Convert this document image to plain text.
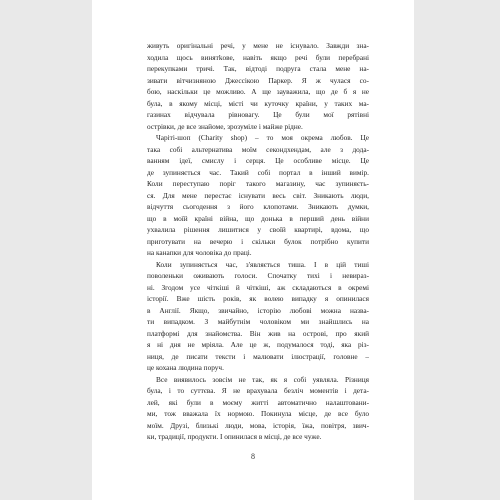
живуть оригінальні речі, у мене не існувало. Завжди зна-
ходила щось винятkове, навіть якщо речі були перебрані
перекупками тричі. Так, відтоді подруга стала мене на-
зивати вітчизняною Джессікою Паркер. Я ж чулася со-
бою, наскільки це можливо. А ще зауважила, що де б я не
була, в якому місці, місті чи куточку країни, у таких ма-
газинах відчувала рівновагу. Це були мої рятівні
острівки, де все знайоме, зрозуміле і майже рідне.
Чаріті-шоп (Charity shop) – то моя окрема любов. Це
така собі альтернатива моїм секондхендам, але з дода-
ванням ідеї, смислу і серця. Це особливе місце. Це
де зупиняється час. Такий собі портал в інший вимір.
Коли переступаю поріг такого магазину, час зупиняєть-
ся. Для мене перестає існувати весь світ. Зникають люди,
відчуття сьогодення з його клопотами. Зникають думки,
що в моїй країні війна, що донька в перший день війни
ухвалила рішення лишитися у своїй квартирі, вдома, що
приготувати на вечерю і скільки булок потрібно купити
на канапки для чоловіка до праці.
Коли зупиняється час, з'являється тиша. І в цій тиші
поволеньки оживають голоси. Спочатку тихі і невираз-
ні. Згодом усе чіткіші й чіткіші, аж складаються в окремі
історії. Вже шість років, як волею випадку я опинилася
в Англії. Якщо, звичайно, історію любові можна назва-
ти випадком. З майбутнім чоловіком ми знайшлись на
платформі для знайомства. Він жив на острові, про який
я ні дня не мріяла. Але це ж, подумалося тоді, яка різ-
ниця, де писати тексти і малювати ілюстрації, головне –
це кохана людина поруч.
Все виявилось зовсім не так, як я собі уявляла. Різниця
була, і то суттєва. Я не врахувала безліч моментів і дета-
лей, які були в моєму житті автоматично налаштовани-
ми, тож вважала їх нормою. Покинула місце, де все було
моїм. Друзі, близькі люди, мова, історія, їжа, повітря, звич-
ки, традиції, продукти. І опинилася в місці, де все чуже.
8
